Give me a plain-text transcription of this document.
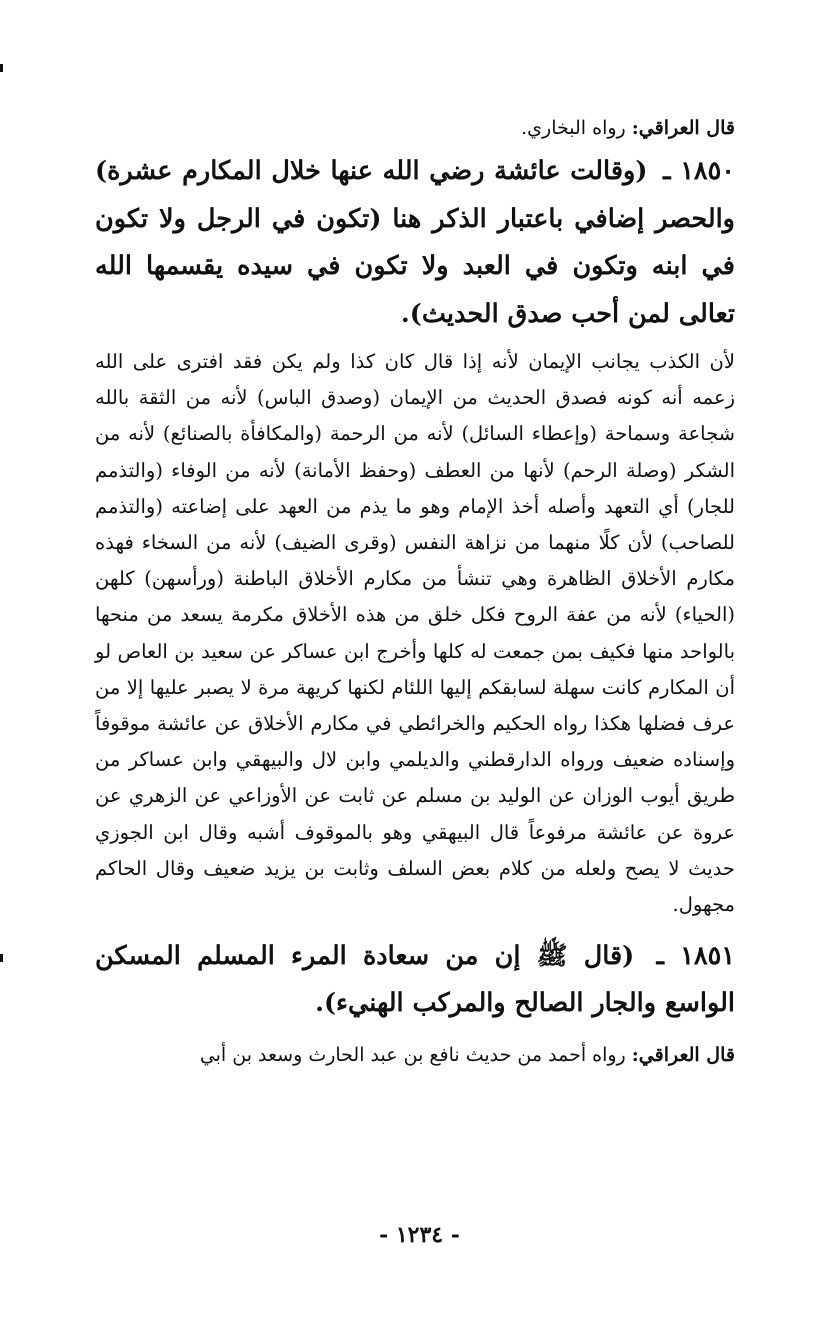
قال العراقي: رواه البخاري.

١٨٥٠ ـ (وقالت عائشة رضي الله عنها خلال المكارم عشرة) والحصر إضافي باعتبار الذكر هنا (تكون في الرجل ولا تكون في ابنه وتكون في العبد ولا تكون في سيده يقسمها الله تعالى لمن أحب صدق الحديث).

لأن الكذب يجانب الإيمان لأنه إذا قال كان كذا ولم يكن فقد افترى على الله زعمه أنه كونه فصدق الحديث من الإيمان (وصدق الباس) لأنه من الثقة بالله شجاعة وسماحة (وإعطاء السائل) لأنه من الرحمة (والمكافأة بالصنائع) لأنه من الشكر (وصلة الرحم) لأنها من العطف (وحفظ الأمانة) لأنه من الوفاء (والتذمم للجار) أي التعهد وأصله أخذ الإمام وهو ما يذم من العهد على إضاعته (والتذمم للصاحب) لأن كلًا منهما من نزاهة النفس (وقرى الضيف) لأنه من السخاء فهذه مكارم الأخلاق الظاهرة وهي تنشأ من مكارم الأخلاق الباطنة (ورأسهن) كلهن (الحياء) لأنه من عفة الروح فكل خلق من هذه الأخلاق مكرمة يسعد من منحها بالواحد منها فكيف بمن جمعت له كلها وأخرج ابن عساكر عن سعيد بن العاص لو أن المكارم كانت سهلة لسابقكم إليها اللئام لكنها كريهة مرة لا يصبر عليها إلا من عرف فضلها هكذا رواه الحكيم والخرائطي في مكارم الأخلاق عن عائشة موقوفاً وإسناده ضعيف ورواه الدارقطني والديلمي وابن لال والبيهقي وابن عساكر من طريق أيوب الوزان عن الوليد بن مسلم عن ثابت عن الأوزاعي عن الزهري عن عروة عن عائشة مرفوعاً قال البيهقي وهو بالموقوف أشبه وقال ابن الجوزي حديث لا يصح ولعله من كلام بعض السلف وثابت بن يزيد ضعيف وقال الحاكم مجهول.

١٨٥١ ـ (قال ﷺ إن من سعادة المرء المسلم المسكن الواسع والجار الصالح والمركب الهنيء).

قال العراقي: رواه أحمد من حديث نافع بن عبد الحارث وسعد بن أبي

- ١٢٣٤ -
